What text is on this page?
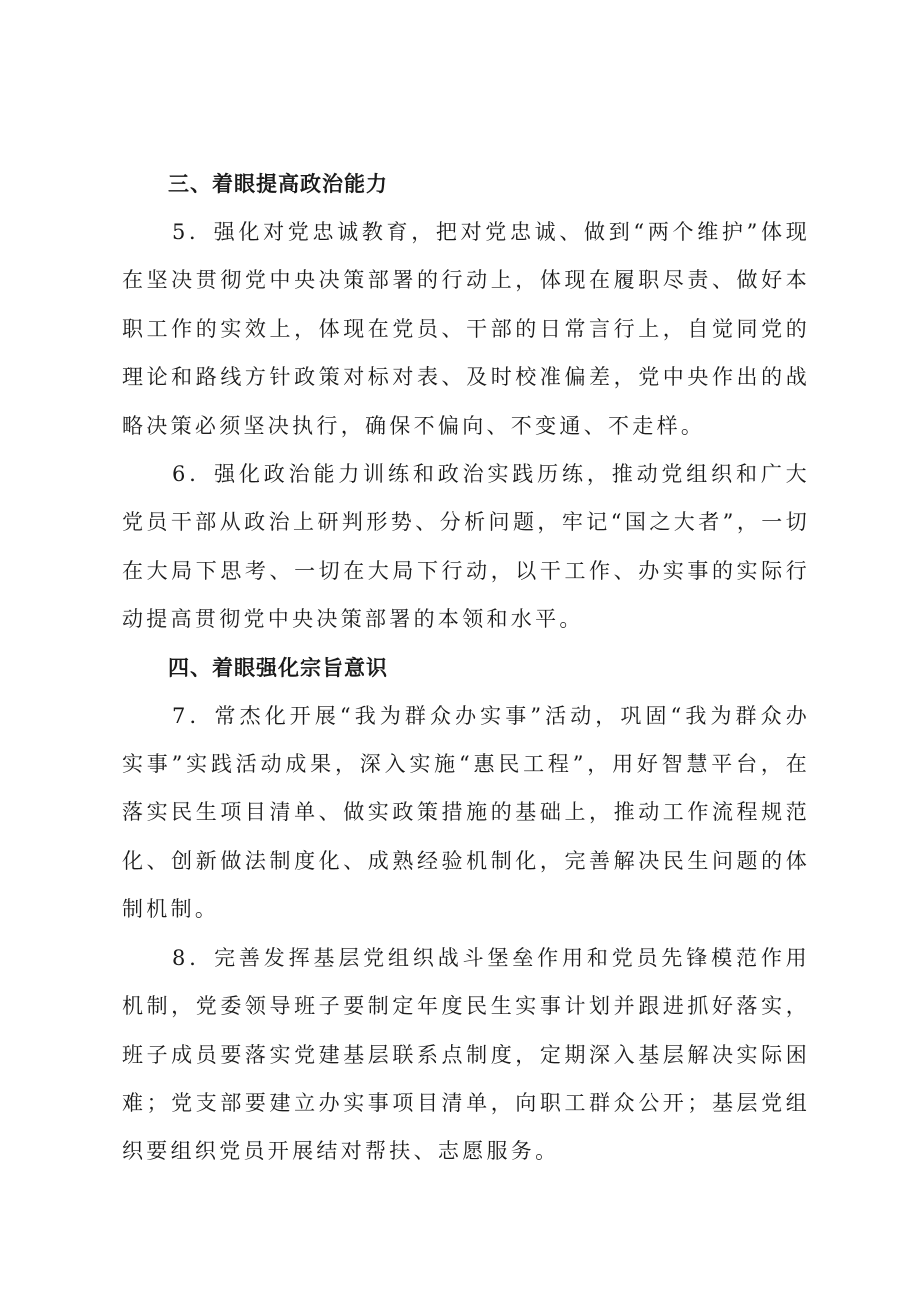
三、着眼提高政治能力

5．强化对党忠诚教育，把对党忠诚、做到“两个维护”体现在坚决贯彻党中央决策部署的行动上，体现在履职尽责、做好本职工作的实效上，体现在党员、干部的日常言行上，自觉同党的理论和路线方针政策对标对表、及时校准偏差，党中央作出的战略决策必须坚决执行，确保不偏向、不变通、不走样。

6．强化政治能力训练和政治实践历练，推动党组织和广大党员干部从政治上研判形势、分析问题，牢记“国之大者”，一切在大局下思考、一切在大局下行动，以干工作、办实事的实际行动提高贯彻党中央决策部署的本领和水平。

四、着眼强化宗旨意识

7．常杰化开展“我为群众办实事”活动，巩固“我为群众办实事”实践活动成果，深入实施“惠民工程”，用好智慧平台，在落实民生项目清单、做实政策措施的基础上，推动工作流程规范化、创新做法制度化、成熟经验机制化，完善解决民生问题的体制机制。

8．完善发挥基层党组织战斗堡垒作用和党员先锋模范作用机制，党委领导班子要制定年度民生实事计划并跟进抓好落实，班子成员要落实党建基层联系点制度，定期深入基层解决实际困难；党支部要建立办实事项目清单，向职工群众公开；基层党组织要组织党员开展结对帮扶、志愿服务。
